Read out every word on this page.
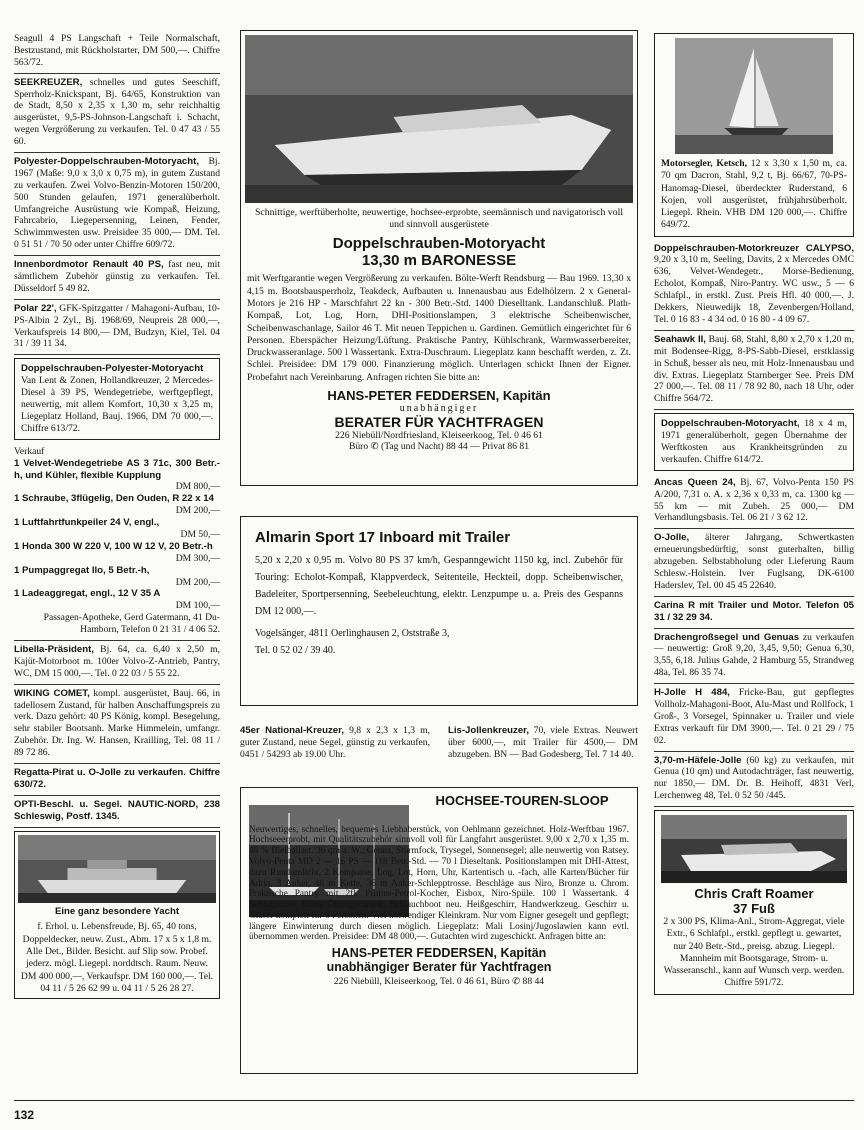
Seagull 4 PS Langschaft + Teile Normalschaft, Bestzustand, mit Rückholstarter, DM 500,—. Chiffre 563/72.
SEEKREUZER, schnelles und gutes Seeschiff, Sperrholz-Knickspant, Bj. 64/65, Konstruktion van de Stadt, 8,50 x 2,35 x 1,30 m, sehr reichhaltig ausgerüstet, 9,5-PS-Johnson-Langschaft i. Schacht, wegen Vergrößerung zu verkaufen. Tel. 0 47 43 / 55 60.
Polyester-Doppelschrauben-Motoryacht, Bj. 1967 (Maße: 9,0 x 3,0 x 0,75 m), in gutem Zustand zu verkaufen. Zwei Volvo-Benzin-Motoren 150/200, 500 Stunden gelaufen, 1971 generalüberholt. Umfangreiche Ausrüstung wie Kompaß, Heizung, Fahrcabrio, Liegepersenning, Leinen, Fender, Schwimmwesten usw. Preisidee 35 000,— DM. Tel. 0 51 51 / 70 50 oder unter Chiffre 609/72.
Innenbordmotor Renault 40 PS, fast neu, mit sämtlichem Zubehör günstig zu verkaufen. Tel. Düsseldorf 5 49 82.
Polar 22', GFK-Spitzgatter / Mahagoni-Aufbau, 10-PS-Albin 2 Zyl., Bj. 1968/69, Neupreis 28 000,—, Verkaufspreis 14 800,— DM, Budzyn, Kiel, Tel. 04 31 / 39 11 34.
Doppelschrauben-Polyester-Motoryacht Van Lent & Zonen, Hollandkreuzer, 2 Mercedes-Diesel à 39 PS, Wendegetriebe, werftgepflegt, neuwertig, mit allem Komfort, 10,30 x 3,25 m, Liegeplatz Holland, Bauj. 1966, DM 70 000,—. Chiffre 613/72.
Verkauf
1 Velvet-Wendegetriebe AS 3 71c, 300 Betr.-h, und Kühler, flexible Kupplung
DM 800,—
1 Schraube, 3flügelig, Den Ouden, R 22 x 14
DM 200,—
1 Luftfahrtfunkpeiler 24 V, engl.,
DM 50,—
1 Honda 300 W 220 V, 100 W 12 V, 20 Betr.-h
DM 300,—
1 Pumpaggregat Ilo, 5 Betr.-h,
DM 200,—
1 Ladeaggregat, engl., 12 V 35 A
DM 100,—
Passagen-Apotheke, Gerd Gatermann, 41 Du-Hamborn, Telefon 0 21 31 / 4 06 52.
Libella-Präsident, Bj. 64, ca. 6,40 x 2,50 m, Kajüt-Motorboot m. 100er Volvo-Z-Antrieb, Pantry, WC, DM 15 000,—. Tel. 0 22 03 / 5 55 22.
WIKING COMET, kompl. ausgerüstet, Bauj. 66, in tadellosem Zustand, für halben Anschaffungspreis zu verk. Dazu gehört: 40 PS König, kompl. Besegelung, sehr stabiler Bootsanh. Marke Himmelein, umfangr. Zubehör. Dr. Ing. W. Hansen, Krailling, Tel. 08 11 / 89 72 86.
Regatta-Pirat u. O-Jolle zu verkaufen. Chiffre 630/72.
OPTI-Beschl. u. Segel. NAUTIC-NORD, 238 Schleswig, Postf. 1345.
Eine ganz besondere Yacht
f. Erhol. u. Lebensfreude, Bj. 65, 40 tons, Doppeldecker, neuw. Zust., Abm. 17 x 5 x 1,8 m. Alle Det., Bilder. Besicht. auf Slip sow. Probef. jederz. mögl. Liegepl. norddtsch. Raum. Neuw. DM 400 000,—, Verkaufspr. DM 160 000,—. Tel. 04 11 / 5 26 62 99 u. 04 11 / 5 26 28 27.
Schnittige, werftüberholte, neuwertige, hochsee-erprobte, seemännisch und navigatorisch voll und sinnvoll ausgerüstete
Doppelschrauben-Motoryacht
13,30 m BARONESSE
mit Werftgarantie wegen Vergrößerung zu verkaufen. Bölte-Werft Rendsburg — Bau 1969. 13,30 x 4,15 m. Bootsbausperrholz, Teakdeck, Aufbauten u. Innenausbau aus Edelhölzern. 2 x General-Motors je 216 HP - Marschfahrt 22 kn - 300 Betr.-Std. 1400 Dieselltank. Landanschluß. Plath-Kompaß, Lot, Log, Horn, DHI-Positionslampen, 3 elektrische Scheibenwischer, Scheibenwaschanlage, Sailor 46 T. Mit neuen Teppichen u. Gardinen. Gemütlich eingerichtet für 6 Personen. Eberspächer Heizung/Lüftung. Praktische Pantry, Kühlschrank, Warmwasserbereiter, Druckwasseranlage. 500 l Wassertank. Extra-Duschraum. Liegeplatz kann beschafft werden, z. Zt. Schlei. Preisidee: DM 179 000. Finanzierung möglich. Unterlagen schickt Ihnen der Eigner. Probefahrt nach Vereinbarung. Anfragen richten Sie bitte an:
HANS-PETER FEDDERSEN, Kapitän
unabhängiger
BERATER FÜR YACHTFRAGEN
226 Niebüll/Nordfriesland, Kleiseerkoog, Tel. 0 46 61
Büro ✆ (Tag und Nacht) 88 44 — Privat 86 81
Almarin Sport 17 Inboard mit Trailer
5,20 x 2,20 x 0,95 m. Volvo 80 PS 37 km/h, Gespanngewicht 1150 kg, incl. Zubehör für Touring: Echolot-Kompaß, Klappverdeck, Seitenteile, Heckteil, dopp. Scheibenwischer, Badeleiter, Sportpersenning, Seebeleuchtung, elektr. Lenzpumpe u. a. Preis des Gespanns DM 12 000,—.
Vogelsänger, 4811 Oerlinghausen 2, Oststraße 3,
Tel. 0 52 02 / 39 40.
45er National-Kreuzer, 9,8 x 2,3 x 1,3 m, guter Zustand, neue Segel, günstig zu verkaufen, 0451 / 54293 ab 19.00 Uhr.
Lis-Jollenkreuzer, 70, viele Extras. Neuwert über 6000,—, mit Trailer für 4500,— DM abzugeben. BN — Bad Godesberg, Tel. 7 14 40.
HOCHSEE-TOUREN-SLOOP
Neuwertiges, schnelles, bequemes Liebhaberstück, von Oehlmann gezeichnet. Holz-Werftbau 1967. Hochseeerprobt, mit Qualitätszubehör sinnvoll voll für Langfahrt ausgerüstet. 9,00 x 2,70 x 1,35 m. 48 % Bleiballast. 36 qm a. W., Genua, Sturmfock, Trysegel, Sonnensegel; alle neuwertig von Ratsey. Volvo-Penta MD 2 — 16 PS — 118 Betr.-Std. — 70 l Dieseltank. Positionslampen mit DHI-Attest, dazu Rundumlicht, 2 Kompasse, Log, Lot, Horn, Uhr, Kartentisch u. -fach, alle Karten/Bücher für Adria. 3 Anker, 48 m Kette, 36 m Anker-Schlepptrosse. Beschläge aus Niro, Bronze u. Chrom. Praktische Pantry mit 2fl. Primus-Petrol-Kocher, Eisbox, Niro-Spüle. 100 l Wassertank. 4 Schlafplätze. Extra Ölzeugschrank, Schlauchboot neu. Heißgeschirr, Handwerkzeug. Geschirr u. Gläser komplett für 6 Personen. Viel notwendiger Kleinkram. Nur vom Eigner gesegelt und gepflegt; längere Einwinterung durch diesen möglich. Liegeplatz: Mali Losinj/Jugoslawien kann evtl. übernommen werden. Preisidee: DM 48 000,—. Gutachten wird zugeschickt. Anfragen bitte an:
HANS-PETER FEDDERSEN, Kapitän
unabhängiger Berater für Yachtfragen
226 Niebüll, Kleiseerkoog, Tel. 0 46 61, Büro ✆ 88 44
Motorsegler, Ketsch, 12 x 3,30 x 1,50 m, ca. 70 qm Dacron, Stahl, 9,2 t, Bj. 66/67, 70-PS-Hanomag-Diesel, überdeckter Ruderstand, 6 Kojen, voll ausgerüstet, frühjahrsüberholt. Liegepl. Rhein. VHB DM 120 000,—. Chiffre 649/72.
Doppelschrauben-Motorkreuzer CALYPSO, 9,20 x 3,10 m, Seeling, Davits, 2 x Mercedes OMC 636, Velvet-Wendegetr., Morse-Bedienung, Echolot, Kompaß, Niro-Pantry. WC usw., 5 — 6 Schlafpl., in erstkl. Zust. Preis Hfl. 40 000,—. J. Dekkers, Nieuwedijk 18, Zevenbergen/Holland, Tel. 0 16 83 - 4 34 od. 0 16 80 - 4 09 67.
Seahawk II, Bauj. 68, Stahl, 8,80 x 2,70 x 1,20 m, mit Bodensee-Rigg, 8-PS-Sabb-Diesel, erstklassig in Schuß, besser als neu, mit Holz-Innenausbau und div. Extras. Liegeplatz Starnberger See. Preis DM 27 000,—. Tel. 08 11 / 78 92 80, nach 18 Uhr, oder Chiffre 564/72.
Doppelschrauben-Motoryacht, 18 x 4 m, 1971 generalüberholt, gegen Übernahme der Werftkosten aus Krankheitsgründen zu verkaufen. Chiffre 614/72.
Ancas Queen 24, Bj. 67, Volvo-Penta 150 PS A/200, 7,31 o. A. x 2,36 x 0,33 m, ca. 1300 kg — 55 km — mit Zubeh. 25 000,— DM Verhandlungsbasis. Tel. 06 21 / 3 62 12.
O-Jolle, älterer Jahrgang, Schwertkasten erneuerungsbedürftig, sonst guterhalten, billig abzugeben. Selbstabholung oder Lieferung Raum Schlesw.-Holstein. Iver Fuglsang, DK-6100 Haderslev, Tel. 00 45 45 22640.
Carina R mit Trailer und Motor. Telefon 05 31 / 32 29 34.
Drachengroßsegel und Genuas zu verkaufen — neuwertig: Groß 9,20, 3,45, 9,50; Genua 6,30, 3,55, 6,18. Julius Gahde, 2 Hamburg 55, Strandweg 48a, Tel. 86 35 74.
H-Jolle H 484, Fricke-Bau, gut gepflegtes Vollholz-Mahagoni-Boot, Alu-Mast und Rollfock, 1 Groß-, 3 Vorsegel, Spinnaker u. Trailer und viele Extras verkauft für DM 3900,—. Tel. 0 21 29 / 75 02.
3,70-m-Häfele-Jolle (60 kg) zu verkaufen, mit Genua (10 qm) und Autodachträger, fast neuwertig, nur 1850,— DM. Dr. B. Heihoff, 4831 Verl, Lerchenweg 48, Tel. 0 52 50 /445.
Chris Craft Roamer
37 Fuß
2 x 300 PS, Klima-Anl., Strom-Aggregat, viele Extr., 6 Schlafpl., erstkl. gepflegt u. gewartet, nur 240 Betr.-Std., preisg. abzug. Liegepl. Mannheim mit Bootsgarage, Strom- u. Wasseranschl., kann auf Wunsch verp. werden. Chiffre 591/72.
132
